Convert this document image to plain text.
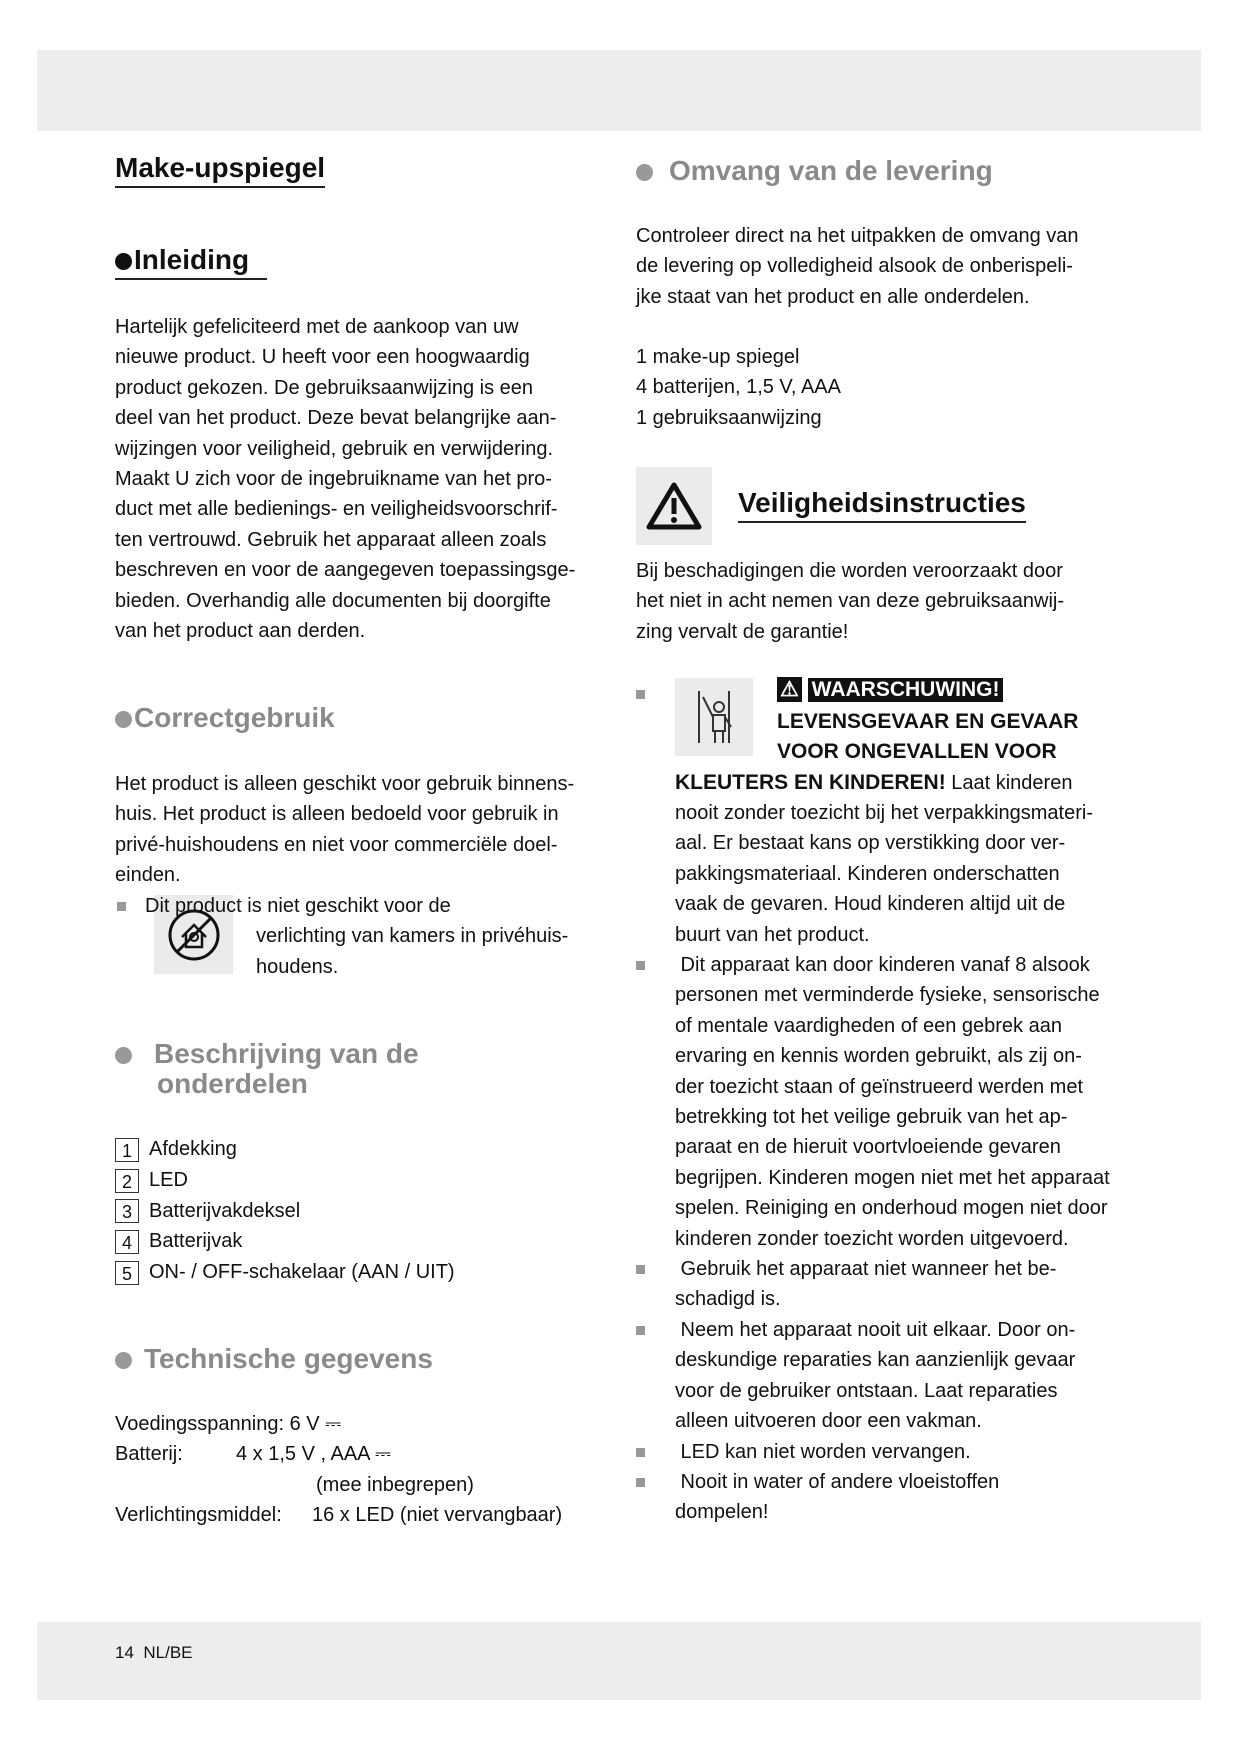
Make-upspiegel
Inleiding
Hartelijk gefeliciteerd met de aankoop van uw
nieuwe product. U heeft voor een hoogwaardig
product gekozen. De gebruiksaanwijzing is een
deel van het product. Deze bevat belangrijke aan-
wijzingen voor veiligheid, gebruik en verwijdering.
Maakt U zich voor de ingebruikname van het pro-
duct met alle bedienings- en veiligheidsvoorschrif-
ten vertrouwd. Gebruik het apparaat alleen zoals
beschreven en voor de aangegeven toepassingsge-
bieden. Overhandig alle documenten bij doorgifte
van het product aan derden.
Correctgebruik
Het product is alleen geschikt voor gebruik binnens-
huis. Het product is alleen bedoeld voor gebruik in
privé-huishoudens en niet voor commerciële doel-
einden.
Dit product is niet geschikt voor de
verlichting van kamers in privéhuis-
houdens.
Beschrijving van de
onderdelen
1 Afdekking
2 LED
3 Batterijvakdeksel
4 Batterijvak
5 ON- / OFF-schakelaar (AAN / UIT)
Technische gegevens
Voedingsspanning: 6 V ⎓
Batterij:	4 x 1,5 V , AAA ⎓
(mee inbegrepen)
Verlichtingsmiddel: 16 x LED (niet vervangbaar)
Omvang van de levering
Controleer direct na het uitpakken de omvang van
de levering op volledigheid alsook de onberispeli-
jke staat van het product en alle onderdelen.
1 make-up spiegel
4 batterijen, 1,5 V, AAA
1 gebruiksaanwijzing
Veiligheidsinstructies
Bij beschadigingen die worden veroorzaakt door
het niet in acht nemen van deze gebruiksaanwij-
zing vervalt de garantie!
⚠ WAARSCHUWING!
LEVENSGEVAAR EN GEVAAR
VOOR ONGEVALLEN VOOR
KLEUTERS EN KINDEREN! Laat kinderen
nooit zonder toezicht bij het verpakkingsmateri-
aal. Er bestaat kans op verstikking door ver-
pakkingsmateriaal. Kinderen onderschatten
vaak de gevaren. Houd kinderen altijd uit de
buurt van het product.
Dit apparaat kan door kinderen vanaf 8 alsook
personen met verminderde fysieke, sensorische
of mentale vaardigheden of een gebrek aan
ervaring en kennis worden gebruikt, als zij on-
der toezicht staan of geïnstrueerd werden met
betrekking tot het veilige gebruik van het ap-
paraat en de hieruit voortvloeiende gevaren
begrijpen. Kinderen mogen niet met het apparaat
spelen. Reiniging en onderhoud mogen niet door
kinderen zonder toezicht worden uitgevoerd.
Gebruik het apparaat niet wanneer het be-
schadigd is.
Neem het apparaat nooit uit elkaar. Door on-
deskundige reparaties kan aanzienlijk gevaar
voor de gebruiker ontstaan. Laat reparaties
alleen uitvoeren door een vakman.
LED kan niet worden vervangen.
Nooit in water of andere vloeistoffen
dompelen!
14 NL/BE
